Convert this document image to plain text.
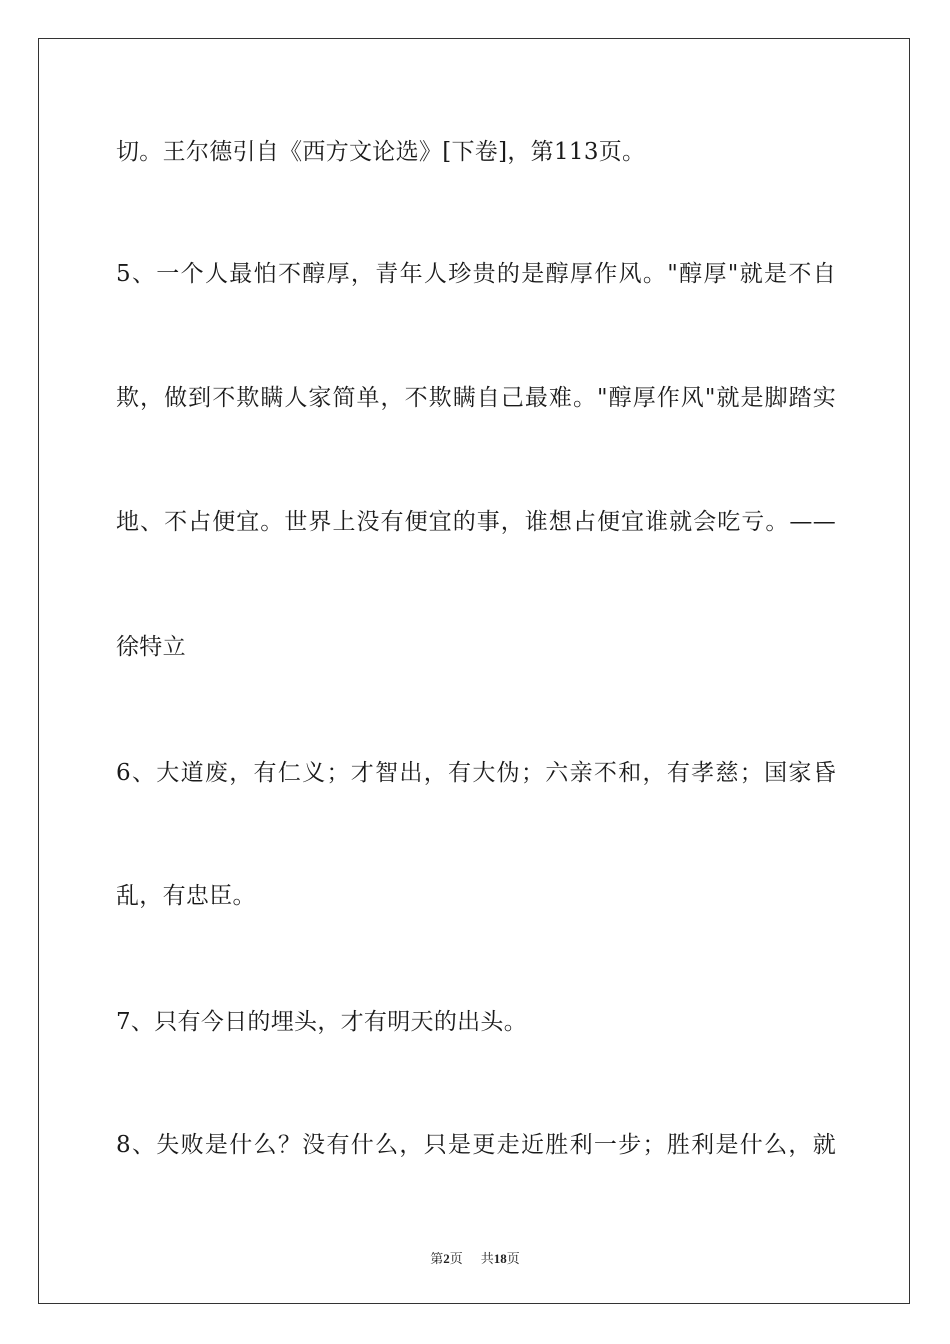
切。王尔德引自《西方文论选》[下卷]，第113页。
5、一个人最怕不醇厚，青年人珍贵的是醇厚作风。"醇厚"就是不自
欺，做到不欺瞒人家简单，不欺瞒自己最难。"醇厚作风"就是脚踏实
地、不占便宜。世界上没有便宜的事，谁想占便宜谁就会吃亏。——
徐特立
6、大道废，有仁义；才智出，有大伪；六亲不和，有孝慈；国家昏
乱，有忠臣。
7、只有今日的埋头，才有明天的出头。
8、失败是什么？没有什么，只是更走近胜利一步；胜利是什么，就
第2页 共18页
